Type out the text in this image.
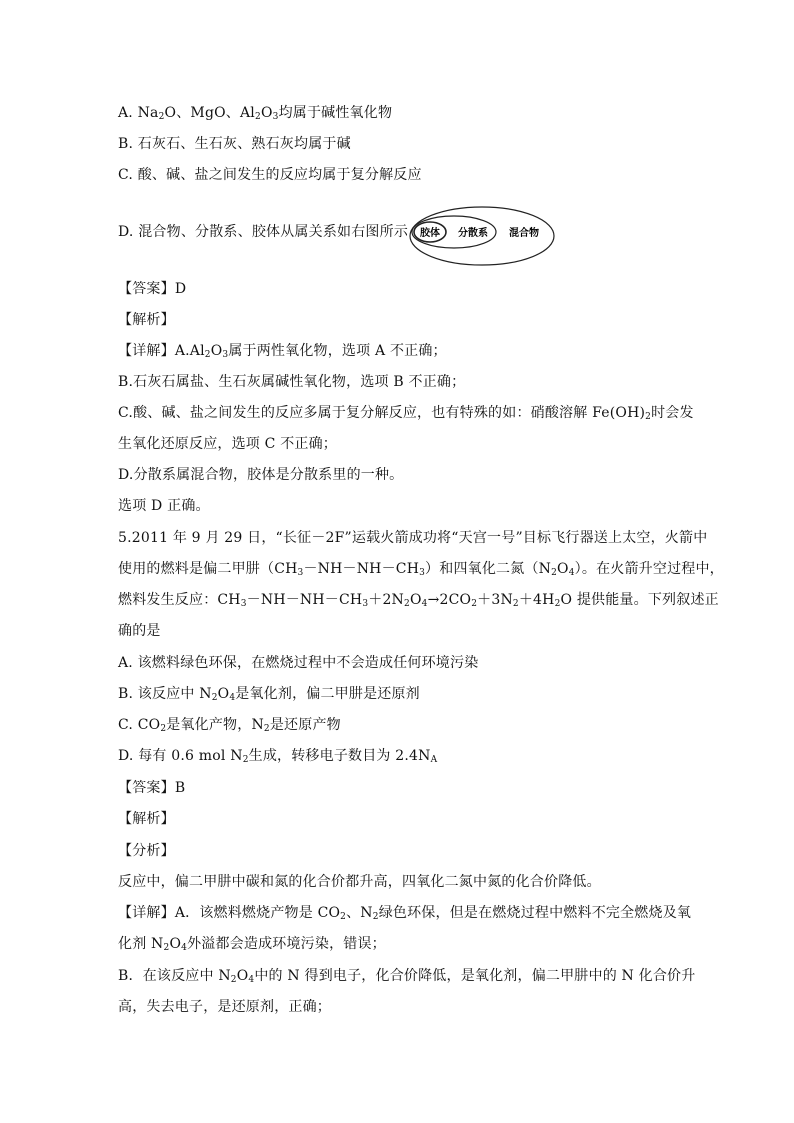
A. $Na_2O$、MgO、$Al_2O_3$均属于碱性氧化物
B. 石灰石、生石灰、熟石灰均属于碱
C. 酸、碱、盐之间发生的反应均属于复分解反应
D. 混合物、分散系、胶体从属关系如右图所示 胶体 分散系 混合物
【答案】D
【解析】
【详解】$A.Al_2O_3$属于两性氧化物，选项 A 不正确；
B.石灰石属盐、生石灰属碱性氧化物，选项 B 不正确；
C.酸、碱、盐之间发生的反应多属于复分解反应，也有特殊的如：硝酸溶解 $Fe(OH)_2$时会发
生氧化还原反应，选项 C 不正确；
D.分散系属混合物，胶体是分散系里的一种。
选项 D 正确。
5.2011 年 9 月 29 日，“长征－2F”运载火箭成功将“天宫一号”目标飞行器送上太空，火箭中
使用的燃料是偏二甲肼$(CH_3-NH-NH-CH_3)$和四氧化二氮$(N_2O_4)$。在火箭升空过程中，
燃料发生反应：$CH_3-NH-NH-CH_3+2N_2O_4\to 2CO_2+3N_2+4H_2O$ 提供能量。下列叙述正
确的是
A. 该燃料绿色环保，在燃烧过程中不会造成任何环境污染
B. 该反应中 $N_2O_4$是氧化剂，偏二甲肼是还原剂
C. $CO_2$是氧化产物，$N_2$是还原产物
D. 每有 0.6 mol $N_2$生成，转移电子数目为 $2.4N_A$
【答案】B
【解析】
【分析】
反应中，偏二甲肼中碳和氮的化合价都升高，四氧化二氮中氮的化合价降低。
【详解】A．该燃料燃烧产物是 $CO_2$、$N_2$绿色环保，但是在燃烧过程中燃料不完全燃烧及氧
化剂 $N_2O_4$外溢都会造成环境污染，错误；
B．在该反应中 $N_2O_4$中的 N 得到电子，化合价降低，是氧化剂，偏二甲肼中的 N 化合价升
高，失去电子，是还原剂，正确；
